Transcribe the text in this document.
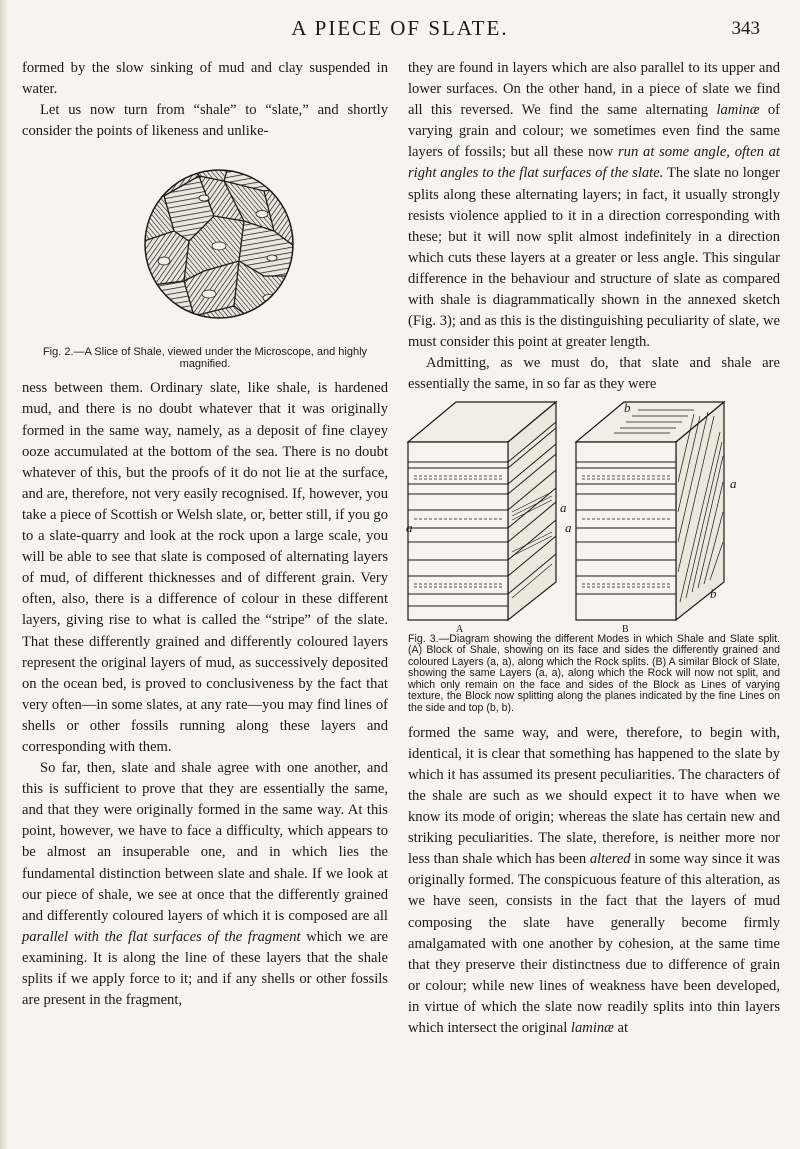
A PIECE OF SLATE.	343

formed by the slow sinking of mud and clay suspended in water.

Let us now turn from “shale” to “slate,” and shortly consider the points of likeness and unlike-

Fig. 2.—A Slice of Shale, viewed under the Microscope, and highly magnified.

ness between them. Ordinary slate, like shale, is hardened mud, and there is no doubt whatever that it was originally formed in the same way, namely, as a deposit of fine clayey ooze accumulated at the bottom of the sea. There is no doubt whatever of this, but the proofs of it do not lie at the surface, and are, therefore, not very easily recognised. If, however, you take a piece of Scottish or Welsh slate, or, better still, if you go to a slate-quarry and look at the rock upon a large scale, you will be able to see that slate is composed of alternating layers of mud, of different thicknesses and of different grain. Very often, also, there is a difference of colour in these different layers, giving rise to what is called the “stripe” of the slate. That these differently grained and differently coloured layers represent the original layers of mud, as successively deposited on the ocean bed, is proved to conclusiveness by the fact that very often—in some slates, at any rate—you may find lines of shells or other fossils running along these layers and corresponding with them.

So far, then, slate and shale agree with one another, and this is sufficient to prove that they are essentially the same, and that they were originally formed in the same way. At this point, however, we have to face a difficulty, which appears to be almost an insuperable one, and in which lies the fundamental distinction between slate and shale. If we look at our piece of shale, we see at once that the differently grained and differently coloured layers of which it is composed are all parallel with the flat surfaces of the fragment which we are examining. It is along the line of these layers that the shale splits if we apply force to it; and if any shells or other fossils are present in the fragment,

they are found in layers which are also parallel to its upper and lower surfaces. On the other hand, in a piece of slate we find all this reversed. We find the same alternating laminæ of varying grain and colour; we sometimes even find the same layers of fossils; but all these now run at some angle, often at right angles to the flat surfaces of the slate. The slate no longer splits along these alternating layers; in fact, it usually strongly resists violence applied to it in a direction corresponding with these; but it will now split almost indefinitely in a direction which cuts these layers at a greater or less angle. This singular difference in the behaviour and structure of slate as compared with shale is diagrammatically shown in the annexed sketch (Fig. 3); and as this is the distinguishing peculiarity of slate, we must consider this point at greater length.

Admitting, as we must do, that slate and shale are essentially the same, in so far as they were

a
a
a
a
b
b
A	B
Fig. 3.—Diagram showing the different Modes in which Shale and Slate split. (A) Block of Shale, showing on its face and sides the differently grained and coloured Layers (a, a), along which the Rock splits. (B) A similar Block of Slate, showing the same Layers (a, a), along which the Rock will now not split, and which only remain on the face and sides of the Block as Lines of varying texture, the Block now splitting along the planes indicated by the fine Lines on the side and top (b, b).

formed the same way, and were, therefore, to begin with, identical, it is clear that something has happened to the slate by which it has assumed its present peculiarities. The characters of the shale are such as we should expect it to have when we know its mode of origin; whereas the slate has certain new and striking peculiarities. The slate, therefore, is neither more nor less than shale which has been altered in some way since it was originally formed. The conspicuous feature of this alteration, as we have seen, consists in the fact that the layers of mud composing the slate have generally become firmly amalgamated with one another by cohesion, at the same time that they preserve their distinctness due to difference of grain or colour; while new lines of weakness have been developed, in virtue of which the slate now readily splits into thin layers which intersect the original laminæ at
